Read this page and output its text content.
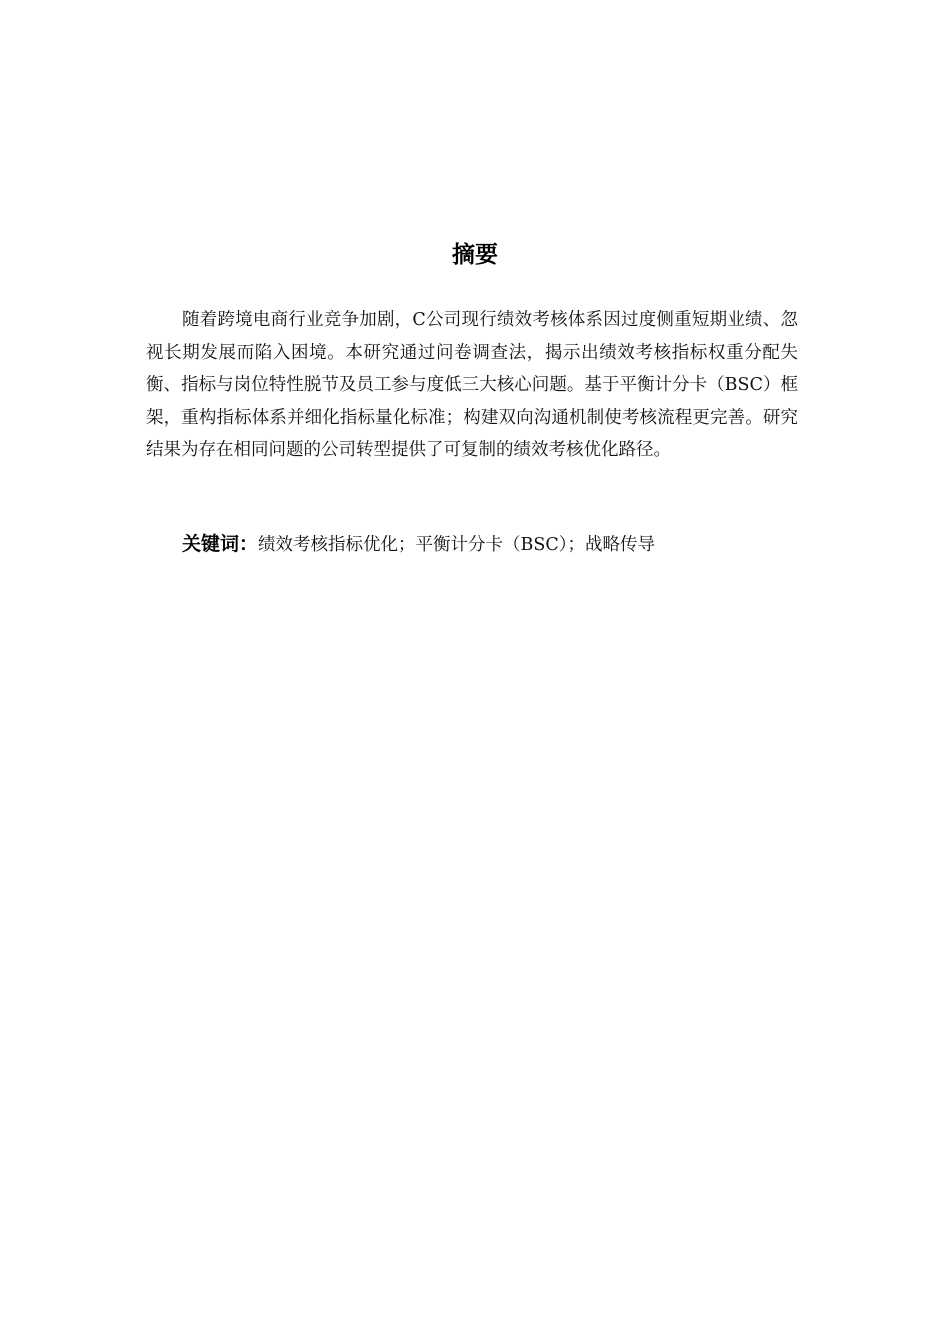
摘要

随着跨境电商行业竞争加剧，C公司现行绩效考核体系因过度侧重短期业绩、忽视长期发展而陷入困境。本研究通过问卷调查法，揭示出绩效考核指标权重分配失衡、指标与岗位特性脱节及员工参与度低三大核心问题。基于平衡计分卡（BSC）框架，重构指标体系并细化指标量化标准；构建双向沟通机制使考核流程更完善。研究结果为存在相同问题的公司转型提供了可复制的绩效考核优化路径。

关键词：绩效考核指标优化；平衡计分卡（BSC）；战略传导
